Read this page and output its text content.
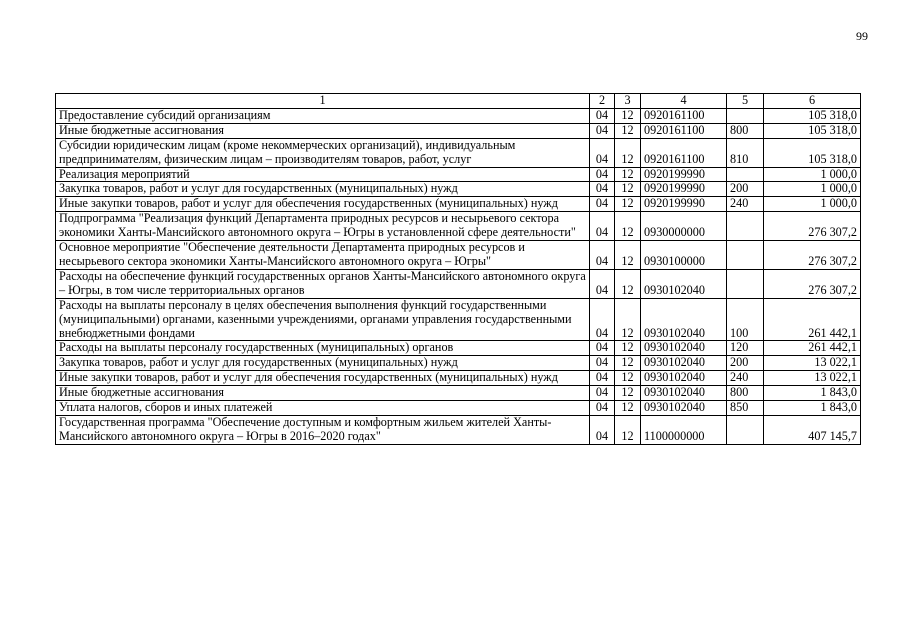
99
1	2	3	4	5	6
Предоставление субсидий организациям	04	12	0920161100		105 318,0
Иные бюджетные ассигнования	04	12	0920161100	800	105 318,0
Субсидии юридическим лицам (кроме некоммерческих организаций), индивидуальным предпринимателям, физическим лицам – производителям товаров, работ, услуг	04	12	0920161100	810	105 318,0
Реализация мероприятий	04	12	0920199990		1 000,0
Закупка товаров, работ и услуг для государственных (муниципальных) нужд	04	12	0920199990	200	1 000,0
Иные закупки товаров, работ и услуг для обеспечения государственных (муниципальных) нужд	04	12	0920199990	240	1 000,0
Подпрограмма "Реализация функций Департамента природных ресурсов и несырьевого сектора экономики Ханты-Мансийского автономного округа – Югры в установленной сфере деятельности"	04	12	0930000000		276 307,2
Основное мероприятие "Обеспечение деятельности Департамента природных ресурсов и несырьевого сектора экономики Ханты-Мансийского автономного округа – Югры"	04	12	0930100000		276 307,2
Расходы на обеспечение функций государственных органов Ханты-Мансийского автономного округа – Югры, в том числе территориальных органов	04	12	0930102040		276 307,2
Расходы на выплаты персоналу в целях обеспечения выполнения функций государственными (муниципальными) органами, казенными учреждениями, органами управления государственными внебюджетными фондами	04	12	0930102040	100	261 442,1
Расходы на выплаты персоналу государственных (муниципальных) органов	04	12	0930102040	120	261 442,1
Закупка товаров, работ и услуг для государственных (муниципальных) нужд	04	12	0930102040	200	13 022,1
Иные закупки товаров, работ и услуг для обеспечения государственных (муниципальных) нужд	04	12	0930102040	240	13 022,1
Иные бюджетные ассигнования	04	12	0930102040	800	1 843,0
Уплата налогов, сборов и иных платежей	04	12	0930102040	850	1 843,0
Государственная программа "Обеспечение доступным и комфортным жильем жителей Ханты-Мансийского автономного округа – Югры в 2016–2020 годах"	04	12	1100000000		407 145,7
